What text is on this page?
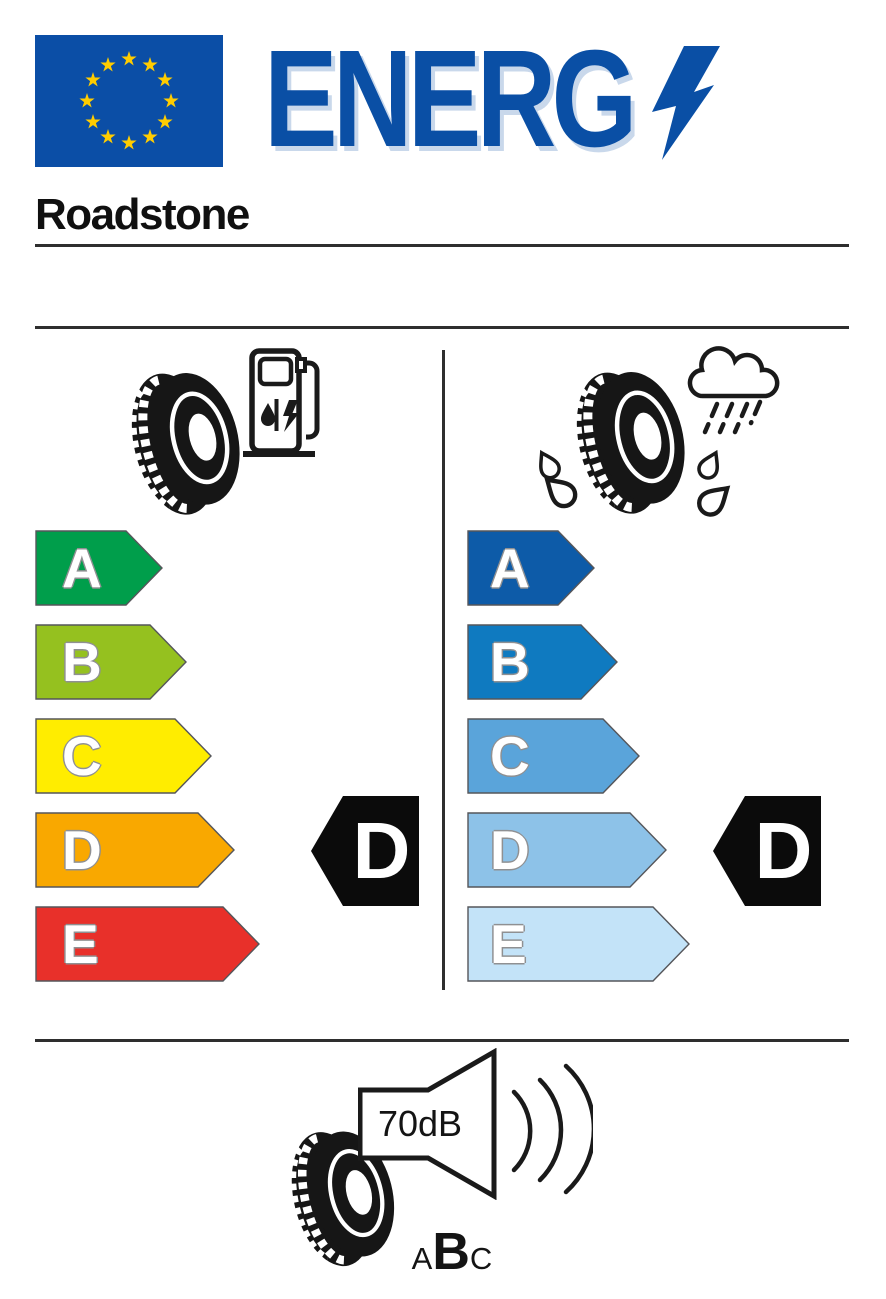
ENERG
Roadstone
A
B
C
D
E
D
A
B
C
D
E
D
70dB
ABC
